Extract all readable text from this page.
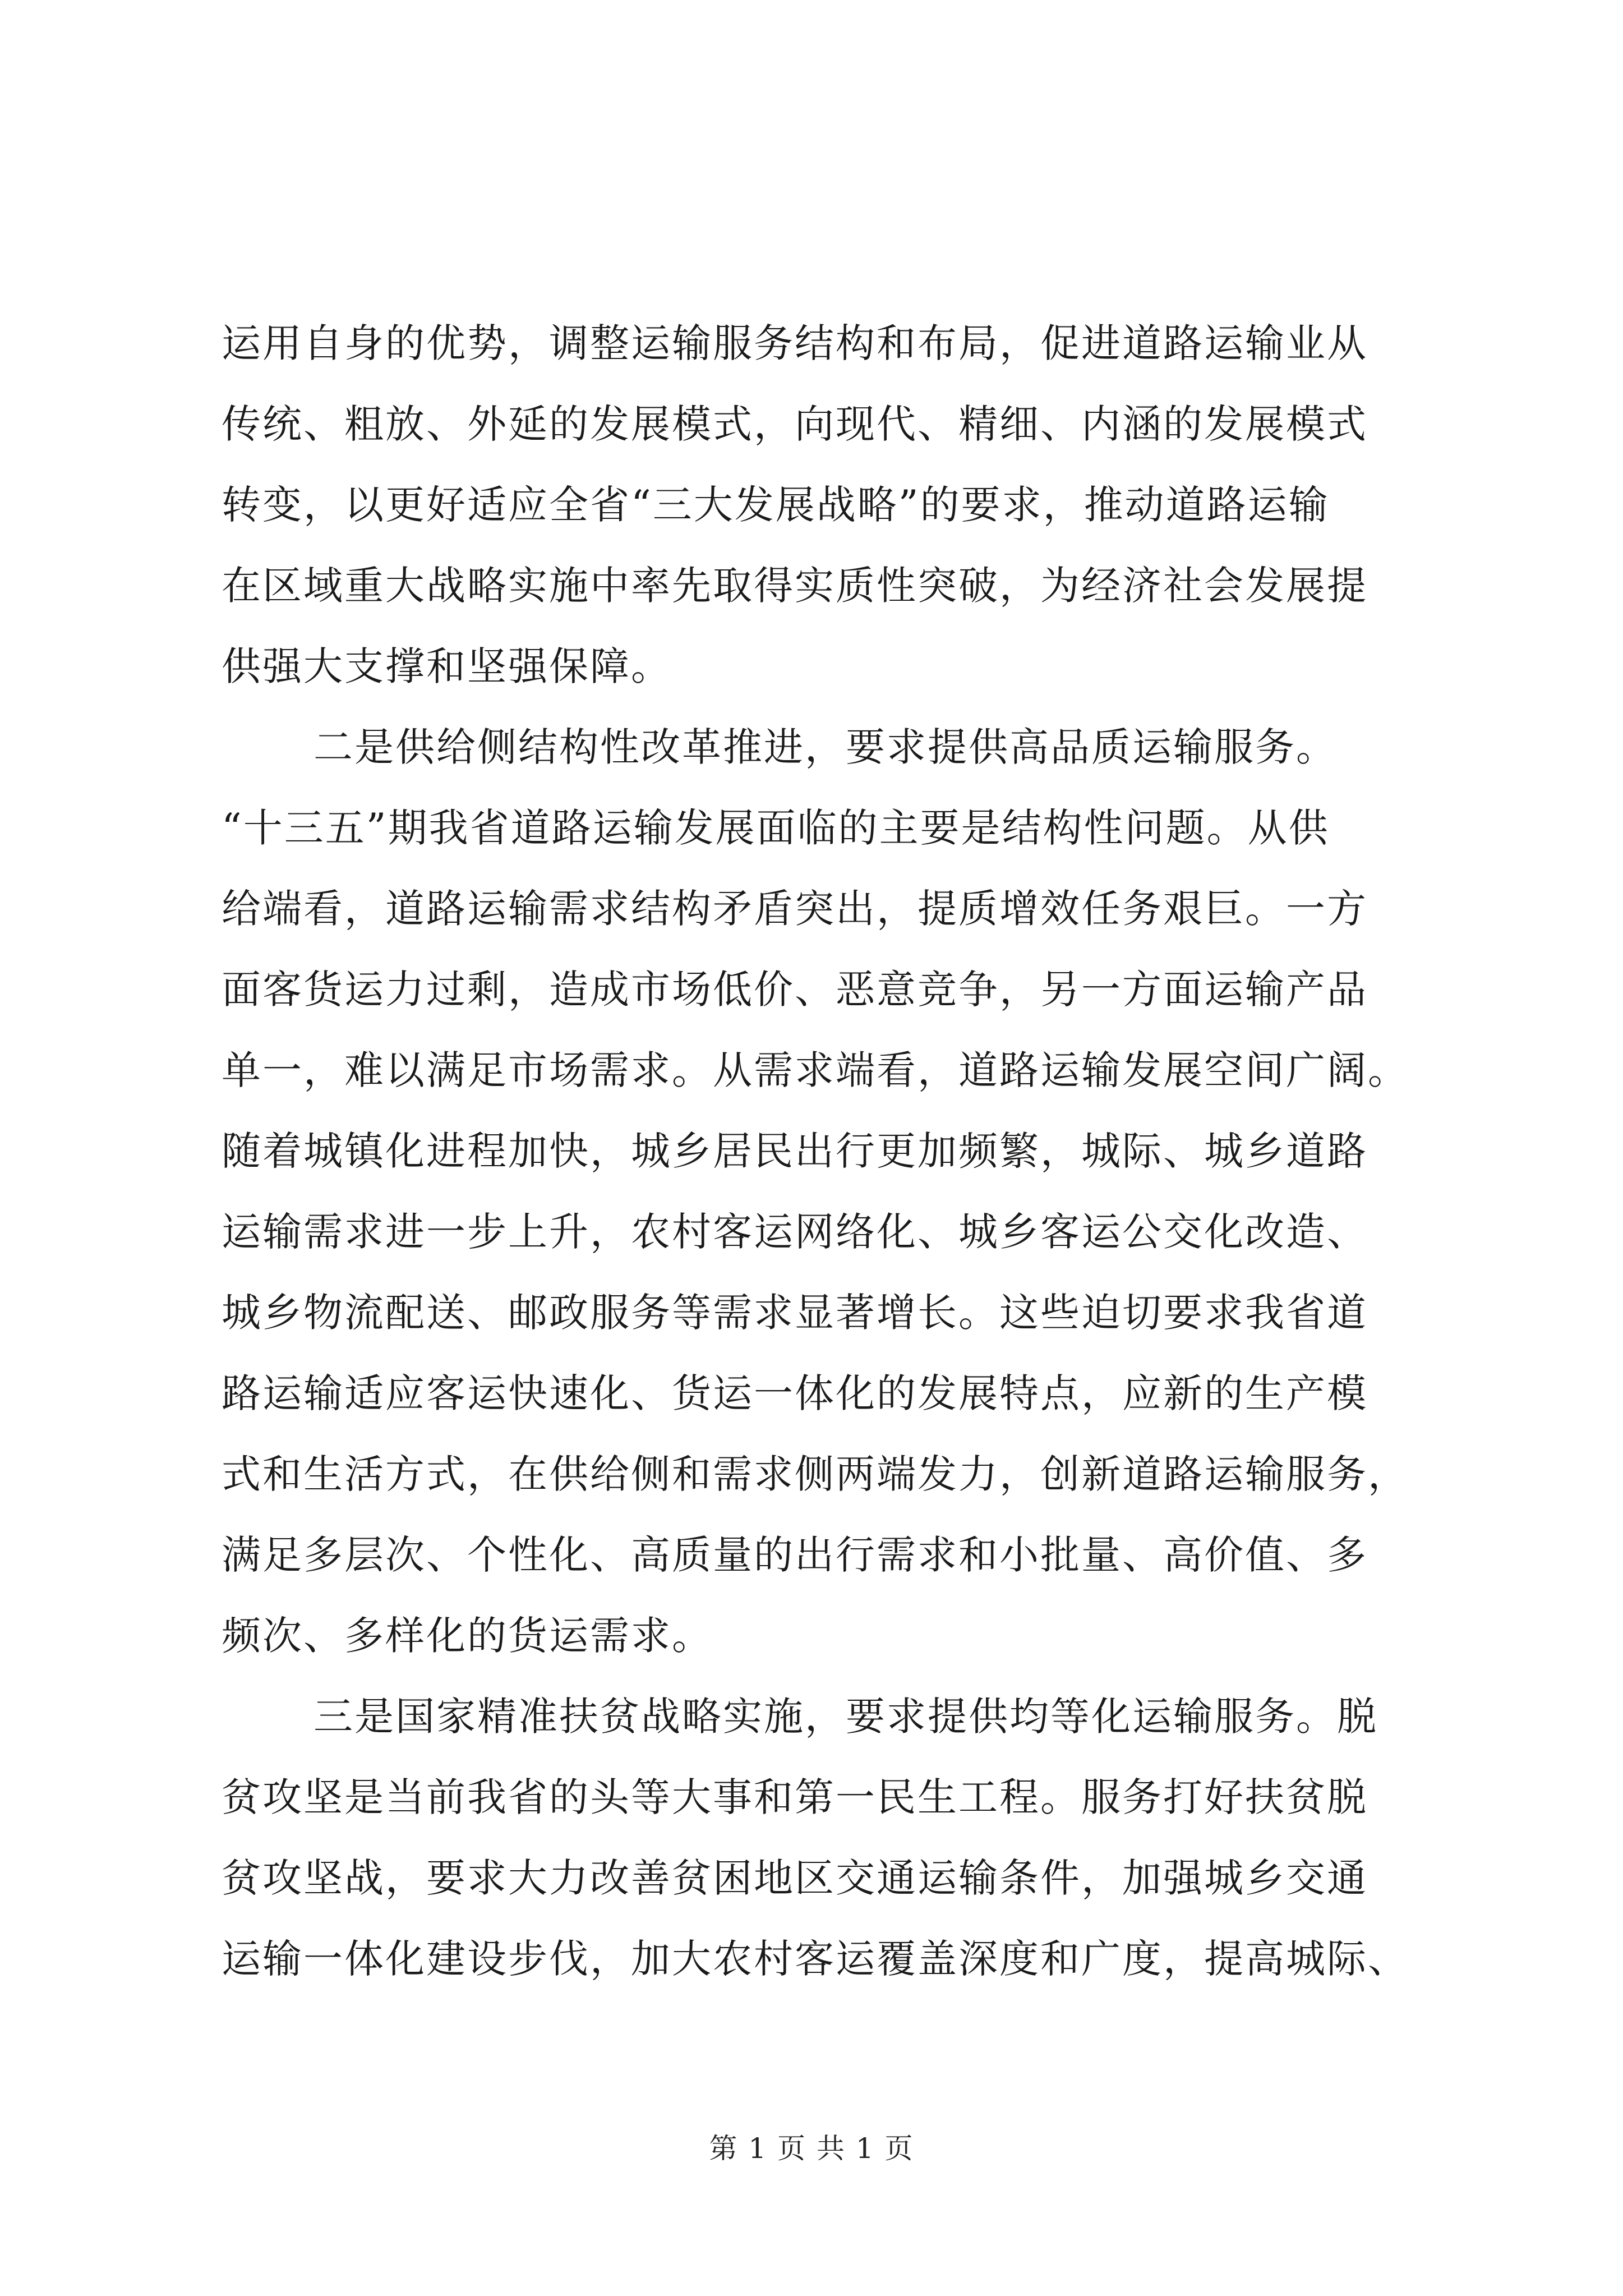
运用自身的优势，调整运输服务结构和布局，促进道路运输业从
传统、粗放、外延的发展模式，向现代、精细、内涵的发展模式
转变，以更好适应全省“三大发展战略”的要求，推动道路运输
在区域重大战略实施中率先取得实质性突破，为经济社会发展提
供强大支撑和坚强保障。

二是供给侧结构性改革推进，要求提供高品质运输服务。
“十三五”期我省道路运输发展面临的主要是结构性问题。从供
给端看，道路运输需求结构矛盾突出，提质增效任务艰巨。一方
面客货运力过剩，造成市场低价、恶意竞争，另一方面运输产品
单一，难以满足市场需求。从需求端看，道路运输发展空间广阔。
随着城镇化进程加快，城乡居民出行更加频繁，城际、城乡道路
运输需求进一步上升，农村客运网络化、城乡客运公交化改造、
城乡物流配送、邮政服务等需求显著增长。这些迫切要求我省道
路运输适应客运快速化、货运一体化的发展特点，应新的生产模
式和生活方式，在供给侧和需求侧两端发力，创新道路运输服务，
满足多层次、个性化、高质量的出行需求和小批量、高价值、多
频次、多样化的货运需求。

三是国家精准扶贫战略实施，要求提供均等化运输服务。脱
贫攻坚是当前我省的头等大事和第一民生工程。服务打好扶贫脱
贫攻坚战，要求大力改善贫困地区交通运输条件，加强城乡交通
运输一体化建设步伐，加大农村客运覆盖深度和广度，提高城际、

第 1 页 共 1 页
